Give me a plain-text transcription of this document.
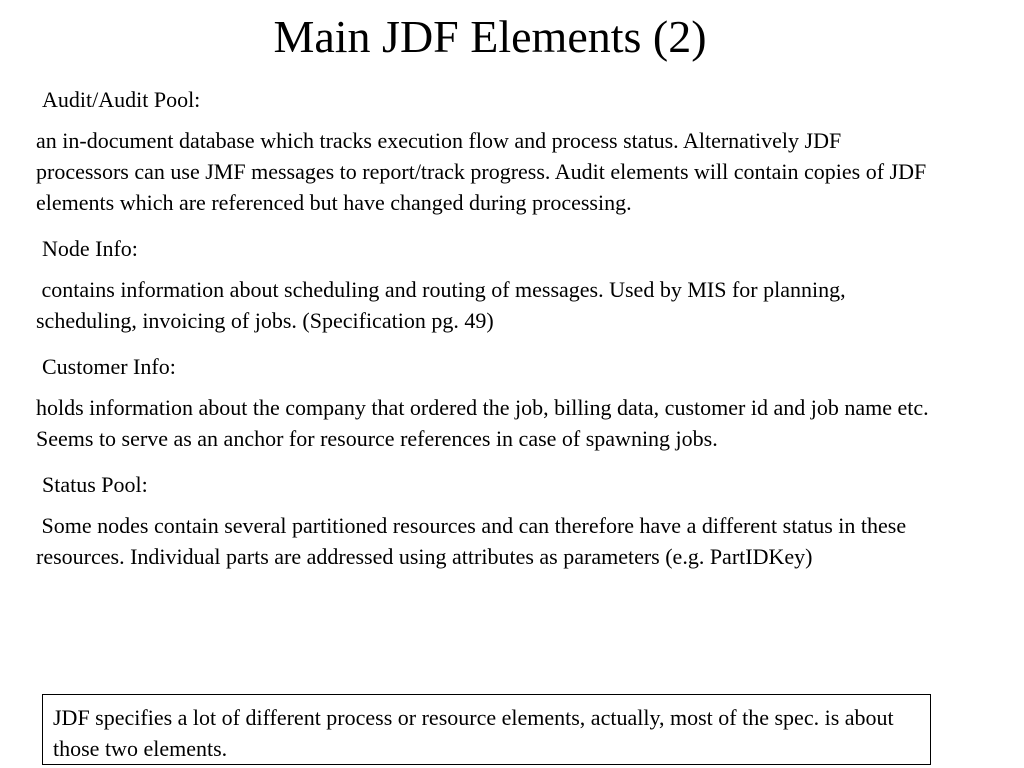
Main JDF Elements (2)
Audit/Audit Pool:
an in-document database which tracks execution flow and process status. Alternatively JDF processors can use JMF messages to report/track progress. Audit elements will contain copies of JDF elements which are referenced but have changed during processing.
Node Info:
contains information about scheduling and routing of messages. Used by MIS for planning, scheduling, invoicing of jobs. (Specification pg. 49)
Customer Info:
holds information about the company that ordered the job, billing data, customer id and job name etc. Seems to serve as an anchor for resource references in case of spawning jobs.
Status Pool:
Some nodes contain several partitioned resources and can therefore have a different status in these resources. Individual parts are addressed using attributes as parameters (e.g. PartIDKey)
JDF specifies a lot of different process or resource elements, actually, most of the spec. is about those two elements.
